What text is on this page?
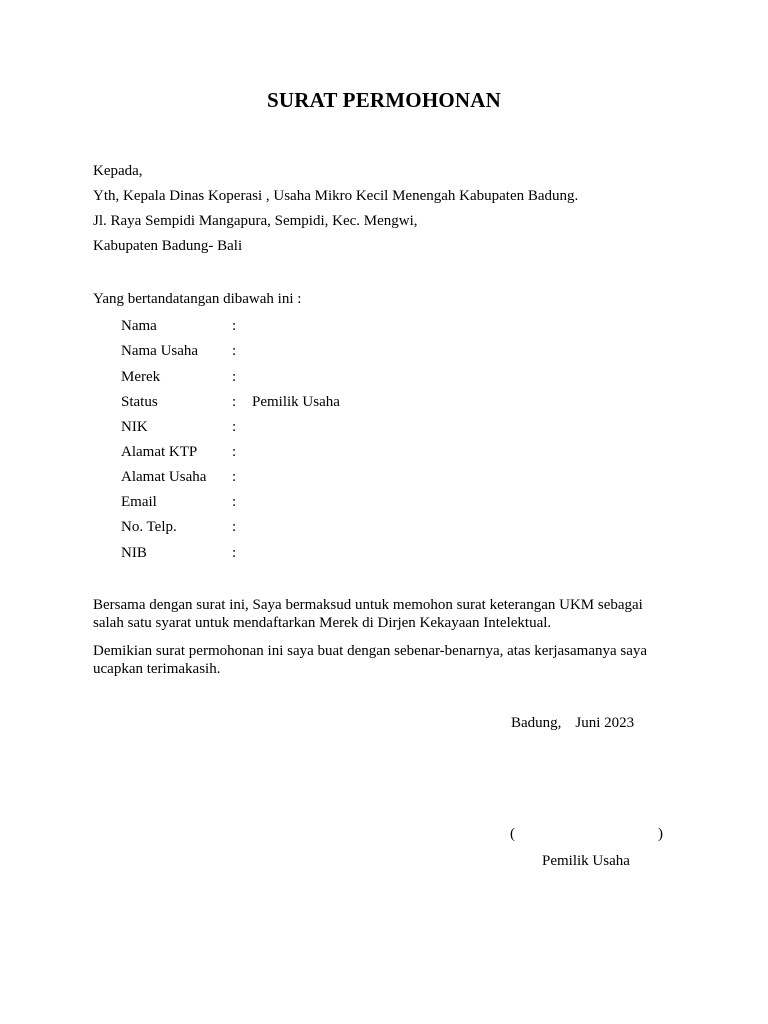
SURAT PERMOHONAN
Kepada,
Yth, Kepala Dinas Koperasi , Usaha Mikro Kecil Menengah Kabupaten Badung.
Jl. Raya Sempidi Mangapura, Sempidi, Kec. Mengwi,
Kabupaten Badung- Bali
Yang bertandatangan dibawah ini :
Nama	:
Nama Usaha :
Merek	:
Status	: Pemilik Usaha
NIK	:
Alamat KTP :
Alamat Usaha :
Email	:
No. Telp.	:
NIB	:
Bersama dengan surat ini, Saya bermaksud untuk memohon surat keterangan UKM sebagai salah satu syarat untuk mendaftarkan Merek di Dirjen Kekayaan Intelektual.
Demikian surat permohonan ini saya buat dengan sebenar-benarnya, atas kerjasamanya saya ucapkan terimakasih.
Badung, Juni 2023
(	)
Pemilik Usaha
